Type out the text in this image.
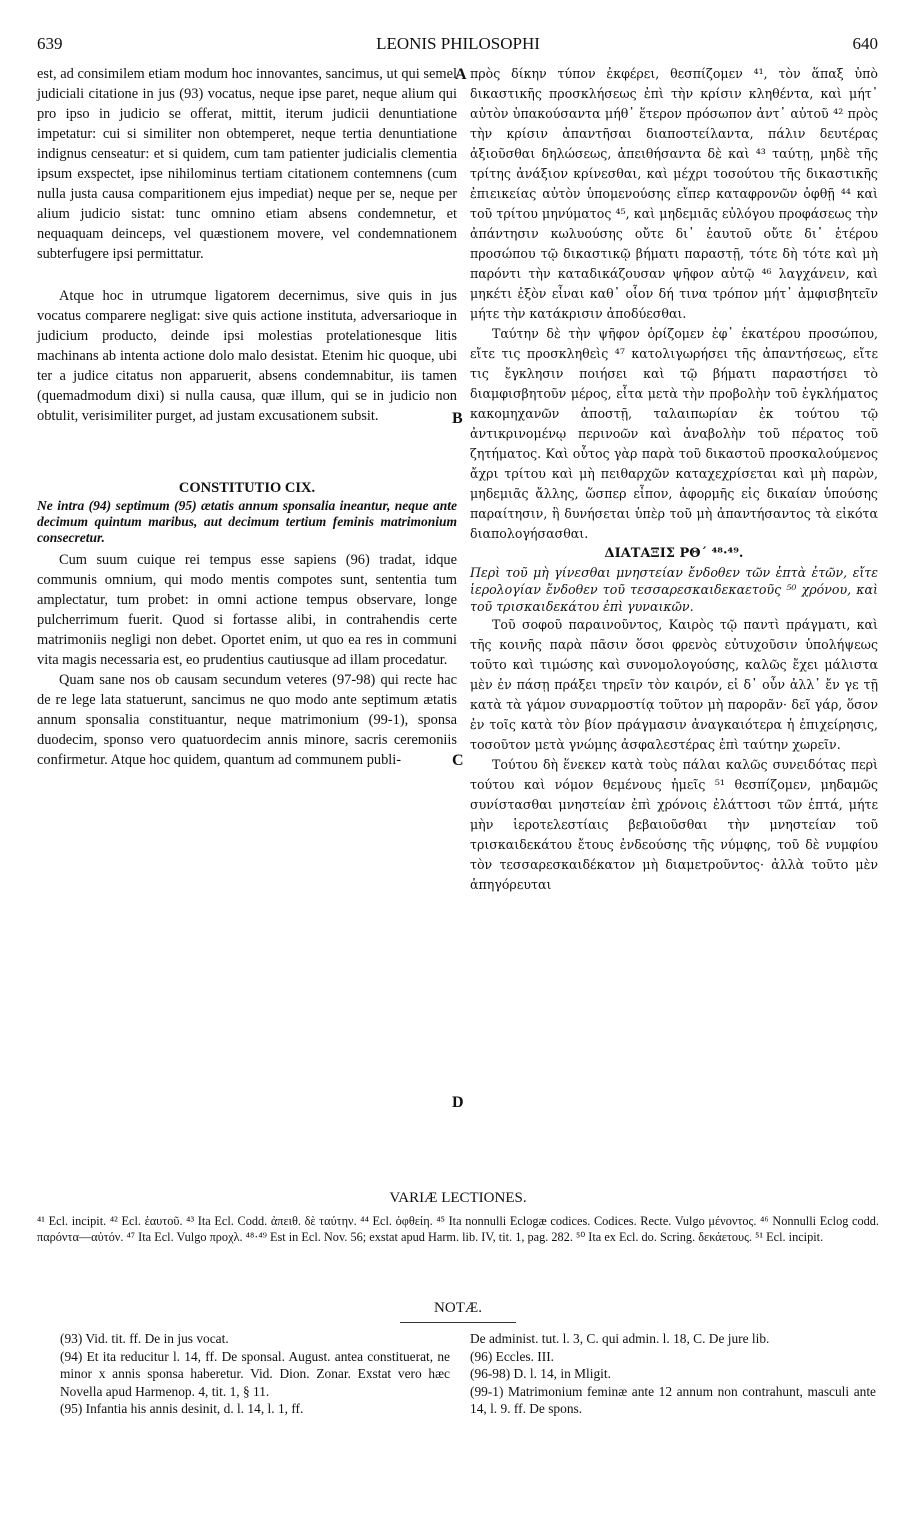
639	LEONIS PHILOSOPHI	640

est, ad consimilem etiam modum hoc innovantes, sancimus, ut qui semel judiciali citatione in jus (93) vocatus, neque ipse paret, neque alium qui pro ipso in judicio se offerat, mittit, iterum judicii denuntiatione impetatur: cui si similiter non obtemperet, neque tertia denuntiatione indignus censeatur: et si quidem, cum tam patienter judicialis clementia ipsum exspectet, ipse nihilominus tertiam citationem contemnens (cum nulla justa causa comparitionem ejus impediat) neque per se, neque per alium judicio sistat: tunc omnino etiam absens condemnetur, et nequaquam deinceps, vel quæstionem movere, vel condemnationem subterfugere ipsi permittatur.

Atque hoc in utrumque ligatorem decernimus, sive quis in jus vocatus comparere negligat: sive quis actione instituta, adversarioque in judicium producto, deinde ipsi molestias protelationesque litis machinans ab intenta actione dolo malo desistat. Etenim hic quoque, ubi ter a judice citatus non apparuerit, absens condemnabitur, iis tamen (quemadmodum dixi) si nulla causa, quæ illum, qui se in judicio non obtulit, verisimiliter purget, ad justam excusationem subsit.

CONSTITUTIO CIX.

Ne intra (94) septimum (95) ætatis annum sponsalia ineantur, neque ante decimum quintum maribus, aut decimum tertium feminis matrimonium consecretur.

Cum suum cuique rei tempus esse sapiens (96) tradat, idque communis omnium, qui modo mentis compotes sunt, sententia tum amplectatur, tum probet: in omni actione tempus observare, longe pulcherrimum fuerit. Quod si fortasse alibi, in contrahendis certe matrimoniis negligi non debet. Oportet enim, ut quo ea res in communi vita magis necessaria est, eo prudentius cautiusque ad illam procedatur.

Quam sane nos ob causam secundum veteres (97-98) qui recte hac de re lege lata statuerunt, sancimus ne quo modo ante septimum ætatis annum sponsalia constituantur, neque matrimonium (99-1), sponsa duodecim, sponso vero quatuordecim annis minore, sacris ceremoniis confirmetur. Atque hoc quidem, quantum ad communem publi-

A
B
C
D

πρὸς δίκην τύπον ἐκφέρει, θεσπίζομεν ⁴¹, τὸν ἅπαξ ὑπὸ δικαστικῆς προσκλήσεως ἐπὶ τὴν κρίσιν κληθέντα, καὶ μήτ᾽ αὐτὸν ὑπακούσαντα μήθ᾽ ἕτερον πρόσωπον ἀντ᾽ αὐτοῦ ⁴² πρὸς τὴν κρίσιν ἀπαντῆσαι διαποστείλαντα, πάλιν δευτέρας ἀξιοῦσθαι δηλώσεως, ἀπειθήσαντα δὲ καὶ ⁴³ ταύτῃ, μηδὲ τῆς τρίτης ἀνάξιον κρίνεσθαι, καὶ μέχρι τοσούτου τῆς δικαστικῆς ἐπιεικείας αὐτὸν ὑπομενούσης εἴπερ καταφρονῶν ὀφθῇ ⁴⁴ καὶ τοῦ τρίτου μηνύματος ⁴⁵, καὶ μηδεμιᾶς εὐλόγου προφάσεως τὴν ἀπάντησιν κωλυούσης οὔτε δι᾽ ἑαυτοῦ οὔτε δι᾽ ἑτέρου προσώπου τῷ δικαστικῷ βήματι παραστῇ, τότε δὴ τότε καὶ μὴ παρόντι τὴν καταδικάζουσαν ψῆφον αὐτῷ ⁴⁶ λαγχάνειν, καὶ μηκέτι ἐξὸν εἶναι καθ᾽ οἷον δή τινα τρόπον μήτ᾽ ἀμφισβητεῖν μήτε τὴν κατάκρισιν ἀποδύεσθαι.

Ταύτην δὲ τὴν ψῆφον ὁρίζομεν ἐφ᾽ ἑκατέρου προσώπου, εἴτε τις προσκληθεὶς ⁴⁷ κατολιγωρήσει τῆς ἀπαντήσεως, εἴτε τις ἔγκλησιν ποιήσει καὶ τῷ βήματι παραστήσει τὸ διαμφισβητοῦν μέρος, εἶτα μετὰ τὴν προβολὴν τοῦ ἐγκλήματος κακομηχανῶν ἀποστῇ, ταλαιπωρίαν ἐκ τούτου τῷ ἀντικρινομένῳ περινοῶν καὶ ἀναβολὴν τοῦ πέρατος τοῦ ζητήματος. Καὶ οὗτος γὰρ παρὰ τοῦ δικαστοῦ προσκαλούμενος ἄχρι τρίτου καὶ μὴ πειθαρχῶν καταχεχρίσεται καὶ μὴ παρὼν, μηδεμιᾶς ἄλλης, ὥσπερ εἶπον, ἀφορμῆς εἰς δικαίαν ὑπούσης παραίτησιν, ἣ δυνήσεται ὑπὲρ τοῦ μὴ ἀπαντήσαντος τὰ εἰκότα διαπολογήσασθαι.

ΔΙΑΤΑΞΙΣ ΡΘ΄ ⁴⁸·⁴⁹.

Περὶ τοῦ μὴ γίνεσθαι μνηστείαν ἔνδοθεν τῶν ἑπτὰ ἐτῶν, εἴτε ἱερολογίαν ἔνδοθεν τοῦ τεσσαρεσκαιδεκαετοῦς ⁵⁰ χρόνου, καὶ τοῦ τρισκαιδεκάτου ἐπὶ γυναικῶν.

Τοῦ σοφοῦ παραινοῦντος, Καιρὸς τῷ παντὶ πράγματι, καὶ τῆς κοινῆς παρὰ πᾶσιν ὅσοι φρενὸς εὐτυχοῦσιν ὑπολήψεως τοῦτο καὶ τιμώσης καὶ συνομολογούσης, καλῶς ἔχει μάλιστα μὲν ἐν πάσῃ πράξει τηρεῖν τὸν καιρόν, εἰ δ᾽ οὖν ἀλλ᾽ ἔν γε τῇ κατὰ τὰ γάμον συναρμοστίᾳ τοῦτον μὴ παρορᾶν· δεῖ γάρ, ὅσον ἐν τοῖς κατὰ τὸν βίον πράγμασιν ἀναγκαιότερα ἡ ἐπιχείρησις, τοσοῦτον μετὰ γνώμης ἀσφαλεστέρας ἐπὶ ταύτην χωρεῖν.

Τούτου δὴ ἕνεκεν κατὰ τοὺς πάλαι καλῶς συνειδότας περὶ τούτου καὶ νόμον θεμένους ἡμεῖς ⁵¹ θεσπίζομεν, μηδαμῶς συνίστασθαι μνηστείαν ἐπὶ χρόνοις ἐλάττοσι τῶν ἑπτά, μήτε μὴν ἱεροτελεστίαις βεβαιοῦσθαι τὴν μνηστείαν τοῦ τρισκαιδεκάτου ἔτους ἐνδεούσης τῆς νύμφης, τοῦ δὲ νυμφίου τὸν τεσσαρεσκαιδέκατον μὴ διαμετροῦντος· ἀλλὰ τοῦτο μὲν ἀπηγόρευται

VARIÆ LECTIONES.
⁴¹ Ecl. incipit. ⁴² Ecl. ἑαυτοῦ. ⁴³ Ita Ecl. Codd. ἀπειθ. δὲ ταύτην. ⁴⁴ Ecl. ὀφθείη. ⁴⁵ Ita nonnulli Eclogæ codices. Codices. Recte. Vulgo μένοντος. ⁴⁶ Nonnulli Eclog codd. παρόντα—αὐτόν. ⁴⁷ Ita Ecl. Vulgo προχλ. ⁴⁸·⁴⁹ Est in Ecl. Nov. 56; exstat apud Harm. lib. IV, tit. 1, pag. 282. ⁵⁰ Ita ex Ecl. do. Scring. δεκάετους. ⁵¹ Ecl. incipit.
NOTÆ.

(93) Vid. tit. ff. De in jus vocat.

(94) Et ita reducitur l. 14, ff. De sponsal. August. antea constituerat, ne minor x annis sponsa haberetur. Vid. Dion. Zonar. Exstat vero hæc Novella apud Harmenop. 4, tit. 1, § 11.

(95) Infantia his annis desinit, d. l. 14, l. 1, ff.

De administ. tut. l. 3, C. qui admin. l. 18, C. De jure lib.

(96) Eccles. III.

(96-98) D. l. 14, in Mligit.

(99-1) Matrimonium feminæ ante 12 annum non contrahunt, masculi ante 14, l. 9. ff. De spons.
